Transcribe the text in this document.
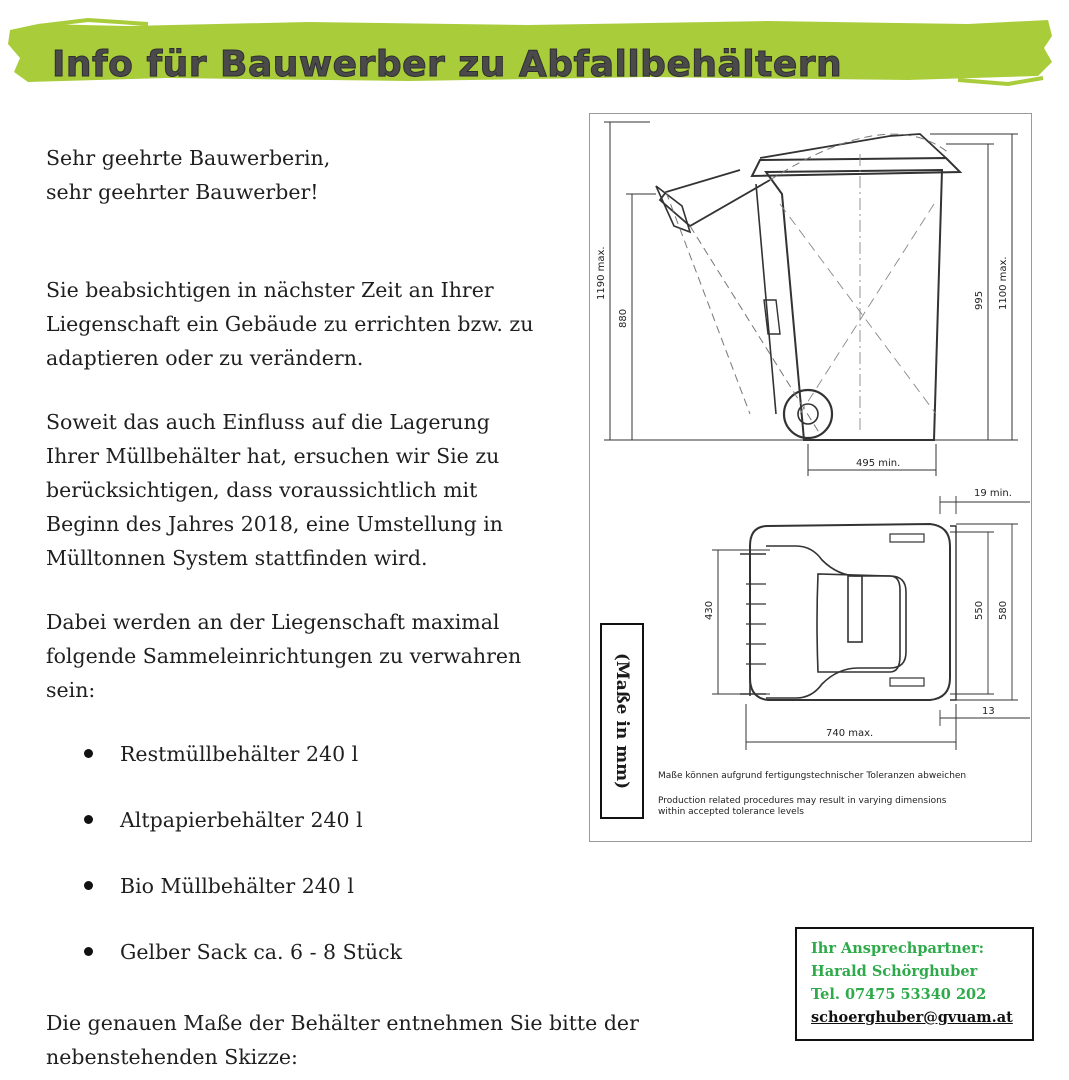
Info für Bauwerber zu Abfallbehältern
Sehr geehrte Bauwerberin,
sehr geehrter Bauwerber!
Sie beabsichtigen in nächster Zeit an Ihrer
Liegenschaft ein Gebäude zu errichten bzw. zu
adaptieren oder zu verändern.
Soweit das auch Einfluss auf die Lagerung
Ihrer Müllbehälter hat, ersuchen wir Sie zu
berücksichtigen, dass voraussichtlich mit
Beginn des Jahres 2018, eine Umstellung in
Mülltonnen System stattfinden wird.
Dabei werden an der Liegenschaft maximal
folgende Sammeleinrichtungen zu verwahren
sein:
Restmüllbehälter 240 l
Altpapierbehälter 240 l
Bio Müllbehälter 240 l
Gelber Sack ca. 6 - 8 Stück
Die genauen Maße der Behälter entnehmen Sie bitte der
nebenstehenden Skizze:
1190 max.
880
995 1100 max.
495 min.
19 min.
430	550 580
740 max.
13
(Maße in mm)	Maße können aufgrund fertigungstechnischer Toleranzen abweichen
Production related procedures may result in varying dimensions
within accepted tolerance levels
Ihr Ansprechpartner:
Harald Schörghuber
Tel. 07475 53340 202
schoerghuber@gvuam.at
